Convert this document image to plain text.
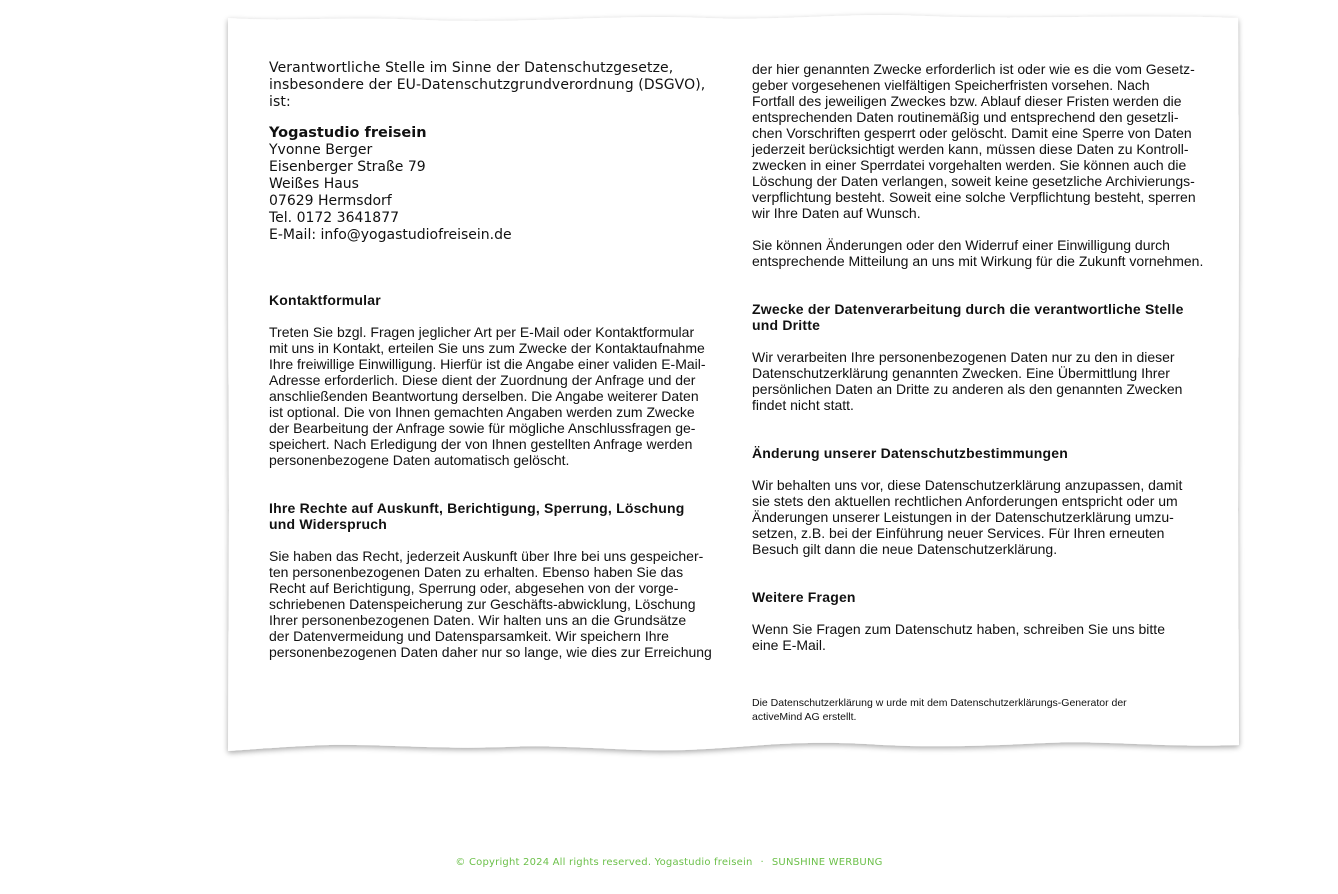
Verantwortliche Stelle im Sinne der Datenschutzgesetze, insbesondere der EU-Datenschutzgrundverordnung (DSGVO), ist:

Yogastudio freisein
Yvonne Berger
Eisenberger Straße 79
Weißes Haus
07629 Hermsdorf
Tel. 0172 3641877
E-Mail: info@yogastudiofreisein.de

Kontaktformular

Treten Sie bzgl. Fragen jeglicher Art per E-Mail oder Kontaktformular
mit uns in Kontakt, erteilen Sie uns zum Zwecke der Kontaktaufnahme
Ihre freiwillige Einwilligung. Hierfür ist die Angabe einer validen E-Mail-
Adresse erforderlich. Diese dient der Zuordnung der Anfrage und der
anschließenden Beantwortung derselben. Die Angabe weiterer Daten
ist optional. Die von Ihnen gemachten Angaben werden zum Zwecke
der Bearbeitung der Anfrage sowie für mögliche Anschlussfragen ge-
speichert. Nach Erledigung der von Ihnen gestellten Anfrage werden
personenbezogene Daten automatisch gelöscht.

Ihre Rechte auf Auskunft, Berichtigung, Sperrung, Löschung
und Widerspruch

Sie haben das Recht, jederzeit Auskunft über Ihre bei uns gespeicher-
ten personenbezogenen Daten zu erhalten. Ebenso haben Sie das
Recht auf Berichtigung, Sperrung oder, abgesehen von der vorge-
schriebenen Datenspeicherung zur Geschäfts-abwicklung, Löschung
Ihrer personenbezogenen Daten. Wir halten uns an die Grundsätze
der Datenvermeidung und Datensparsamkeit. Wir speichern Ihre
personenbezogenen Daten daher nur so lange, wie dies zur Erreichung

der hier genannten Zwecke erforderlich ist oder wie es die vom Gesetz-
geber vorgesehenen vielfältigen Speicherfristen vorsehen. Nach
Fortfall des jeweiligen Zweckes bzw. Ablauf dieser Fristen werden die
entsprechenden Daten routinemäßig und entsprechend den gesetzli-
chen Vorschriften gesperrt oder gelöscht. Damit eine Sperre von Daten
jederzeit berücksichtigt werden kann, müssen diese Daten zu Kontroll-
zwecken in einer Sperrdatei vorgehalten werden. Sie können auch die
Löschung der Daten verlangen, soweit keine gesetzliche Archivierungs-
verpflichtung besteht. Soweit eine solche Verpflichtung besteht, sperren
wir Ihre Daten auf Wunsch.

Sie können Änderungen oder den Widerruf einer Einwilligung durch
entsprechende Mitteilung an uns mit Wirkung für die Zukunft vornehmen.

Zwecke der Datenverarbeitung durch die verantwortliche Stelle
und Dritte

Wir verarbeiten Ihre personenbezogenen Daten nur zu den in dieser
Datenschutzerklärung genannten Zwecken. Eine Übermittlung Ihrer
persönlichen Daten an Dritte zu anderen als den genannten Zwecken
findet nicht statt.

Änderung unserer Datenschutzbestimmungen

Wir behalten uns vor, diese Datenschutzerklärung anzupassen, damit
sie stets den aktuellen rechtlichen Anforderungen entspricht oder um
Änderungen unserer Leistungen in der Datenschutzerklärung umzu-
setzen, z.B. bei der Einführung neuer Services. Für Ihren erneuten
Besuch gilt dann die neue Datenschutzerklärung.

Weitere Fragen

Wenn Sie Fragen zum Datenschutz haben, schreiben Sie uns bitte
eine E-Mail.

Die Datenschutzerklärung w urde mit dem Datenschutzerklärungs-Generator der
activeMind AG erstellt.

© Copyright 2024 All rights reserved. Yogastudio freisein · SUNSHINE WERBUNG
